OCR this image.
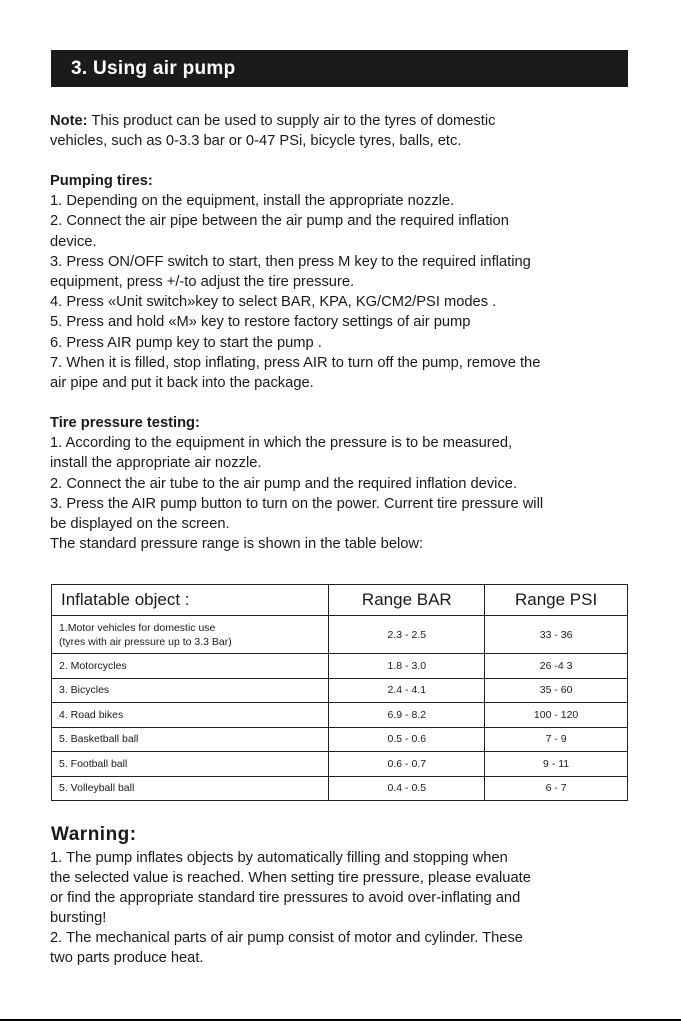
3. Using air pump

Note: This product can be used to supply air to the tyres of domestic

vehicles, such as 0-3.3 bar or 0-47 PSi, bicycle tyres, balls, etc.

Pumping tires:

1. Depending on the equipment, install the appropriate nozzle.

2. Connect the air pipe between the air pump and the required inflation

device.

3. Press ON/OFF switch to start, then press M key to the required inflating

equipment, press +/-to adjust the tire pressure.

4. Press «Unit switch»key to select BAR, KPA, KG/CM2/PSI modes .

5. Press and hold «M» key to restore factory settings of air pump

6. Press AIR pump key to start the pump .

7. When it is filled, stop inflating, press AIR to turn off the pump, remove the

air pipe and put it back into the package.

Tire pressure testing:

1. According to the equipment in which the pressure is to be measured,

install the appropriate air nozzle.

2. Connect the air tube to the air pump and the required inflation device.

3. Press the AIR pump button to turn on the power. Current tire pressure will

be displayed on the screen.

The standard pressure range is shown in the table below:

Inflatable object :	Range BAR	Range PSI
1.Motor vehicles for domestic use
(tyres with air pressure up to 3.3 Bar)	2.3 - 2.5	33 - 36
2. Motorcycles	1.8 - 3.0	26 -4 3
3. Bicycles	2.4 - 4.1	35 - 60
4. Road bikes	6.9 - 8.2	100 - 120
5. Basketball ball	0.5 - 0.6	7 - 9
5. Football ball	0.6 - 0.7	9 - 11
5. Volleyball ball	0.4 - 0.5	6 - 7
Warning:

1. The pump inflates objects by automatically filling and stopping when

the selected value is reached. When setting tire pressure, please evaluate

or find the appropriate standard tire pressures to avoid over-inflating and

bursting!

2. The mechanical parts of air pump consist of motor and cylinder. These

two parts produce heat.
